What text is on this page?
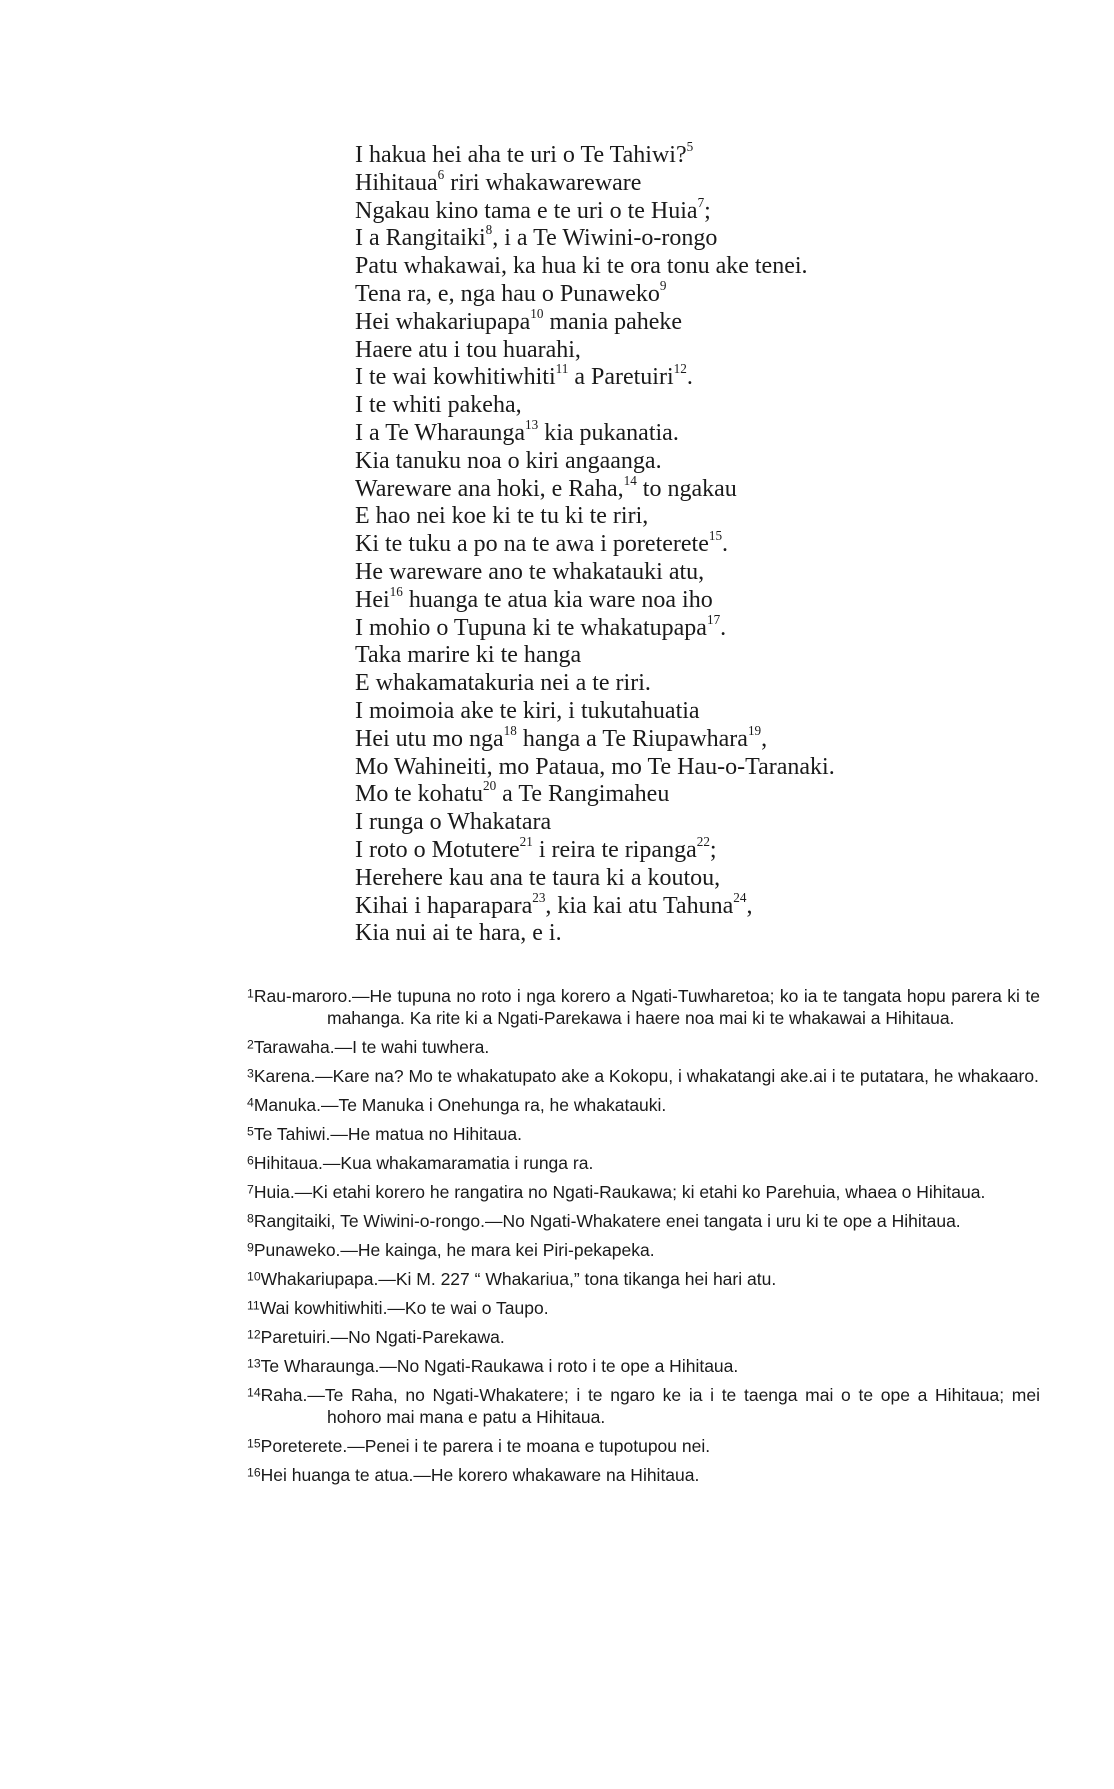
I hakua hei aha te uri o Te Tahiwi?$^5$
Hihitaua$^6$ riri whakawareware
Ngakau kino tama e te uri o te Huia$^7$;
I a Rangitaiki$^8$, i a Te Wiwini-o-rongo
Patu whakawai, ka hua ki te ora tonu ake tenei.
Tena ra, e, nga hau o Punaweko$^9$
Hei whakariupapa$^{10}$ mania paheke
Haere atu i tou huarahi,
I te wai kowhitiwhiti$^{11}$ a Paretuiri$^{12}$.
I te whiti pakeha,
I a Te Wharaunga$^{13}$ kia pukanatia.
Kia tanuku noa o kiri angaanga.
Wareware ana hoki, e Raha,$^{14}$ to ngakau
E hao nei koe ki te tu ki te riri,
Ki te tuku a po na te awa i poreterete$^{15}$.
He wareware ano te whakatauki atu,
Hei$^{16}$ huanga te atua kia ware noa iho
I mohio o Tupuna ki te whakatupapa$^{17}$.
Taka marire ki te hanga
E whakamatakuria nei a te riri.
I moimoia ake te kiri, i tukutahuatia
Hei utu mo nga$^{18}$ hanga a Te Riupawhara$^{19}$,
Mo Wahineiti, mo Pataua, mo Te Hau-o-Taranaki.
Mo te kohatu$^{20}$ a Te Rangimaheu
I runga o Whakatara
I roto o Motutere$^{21}$ i reira te ripanga$^{22}$;
Herehere kau ana te taura ki a koutou,
Kihai i haparapara$^{23}$, kia kai atu Tahuna$^{24}$,
Kia nui ai te hara, e i.
$^1$Rau-maroro.—He tupuna no roto i nga korero a Ngati-Tuwharetoa; ko ia te tangata hopu parera ki te mahanga. Ka rite ki a Ngati-Parekawa i haere noa mai ki te whakawai a Hihitaua.
$^2$Tarawaha.—I te wahi tuwhera.
$^3$Karena.—Kare na? Mo te whakatupato ake a Kokopu, i whakatangi ake.ai i te putatara, he whakaaro.
$^4$Manuka.—Te Manuka i Onehunga ra, he whakatauki.
$^5$Te Tahiwi.—He matua no Hihitaua.
$^6$Hihitaua.—Kua whakamaramatia i runga ra.
$^7$Huia.—Ki etahi korero he rangatira no Ngati-Raukawa; ki etahi ko Parehuia, whaea o Hihitaua.
$^8$Rangitaiki, Te Wiwini-o-rongo.—No Ngati-Whakatere enei tangata i uru ki te ope a Hihitaua.
$^9$Punaweko.—He kainga, he mara kei Piri-pekapeka.
$^{10}$Whakariupapa.—Ki M. 227 “ Whakariua,” tona tikanga hei hari atu.
$^{11}$Wai kowhitiwhiti.—Ko te wai o Taupo.
$^{12}$Paretuiri.—No Ngati-Parekawa.
$^{13}$Te Wharaunga.—No Ngati-Raukawa i roto i te ope a Hihitaua.
$^{14}$Raha.—Te Raha, no Ngati-Whakatere; i te ngaro ke ia i te taenga mai o te ope a Hihitaua; mei hohoro mai mana e patu a Hihitaua.
$^{15}$Poreterete.—Penei i te parera i te moana e tupotupou nei.
$^{16}$Hei huanga te atua.—He korero whakaware na Hihitaua.
